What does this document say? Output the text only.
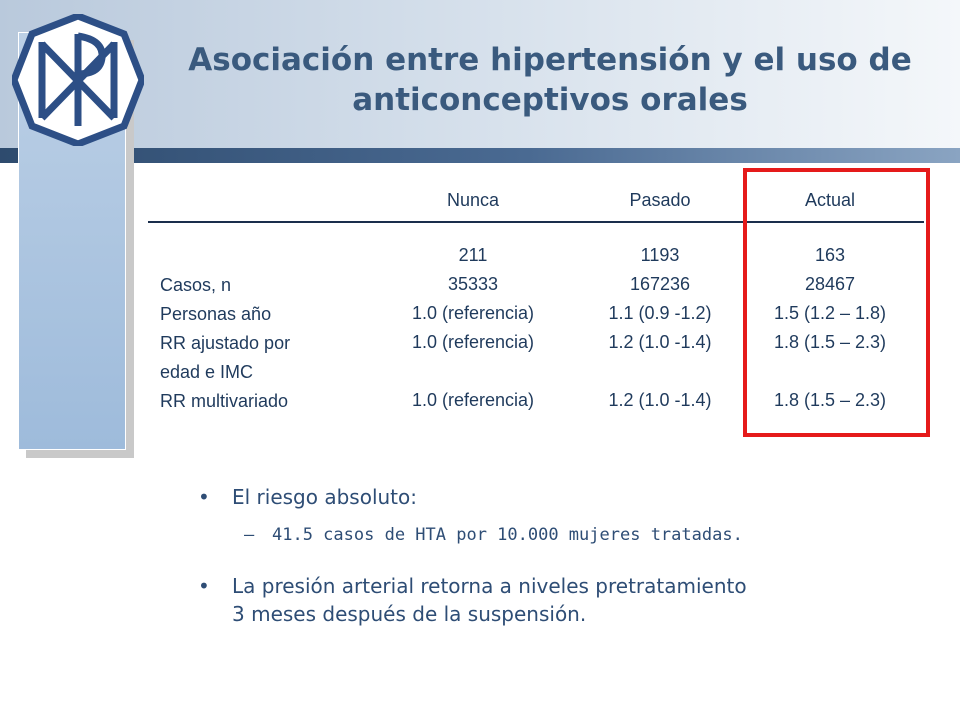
Asociación entre hipertensión y el uso de
anticonceptivos orales
Nunca	Pasado	Actual
Casos, n
Personas año
RR ajustado por
edad e IMC
RR multivariado
211
35333
1.0 (referencia)
1.0 (referencia)
1.0 (referencia)
1193
167236
1.1 (0.9 -1.2)
1.2 (1.0 -1.4)
1.2 (1.0 -1.4)
163
28467
1.5 (1.2 – 1.8)
1.8 (1.5 – 2.3)
1.8 (1.5 – 2.3)
• El riesgo absoluto:
– 41.5 casos de HTA por 10.000 mujeres tratadas.
• La presión arterial retorna a niveles pretratamiento
3 meses después de la suspensión.
